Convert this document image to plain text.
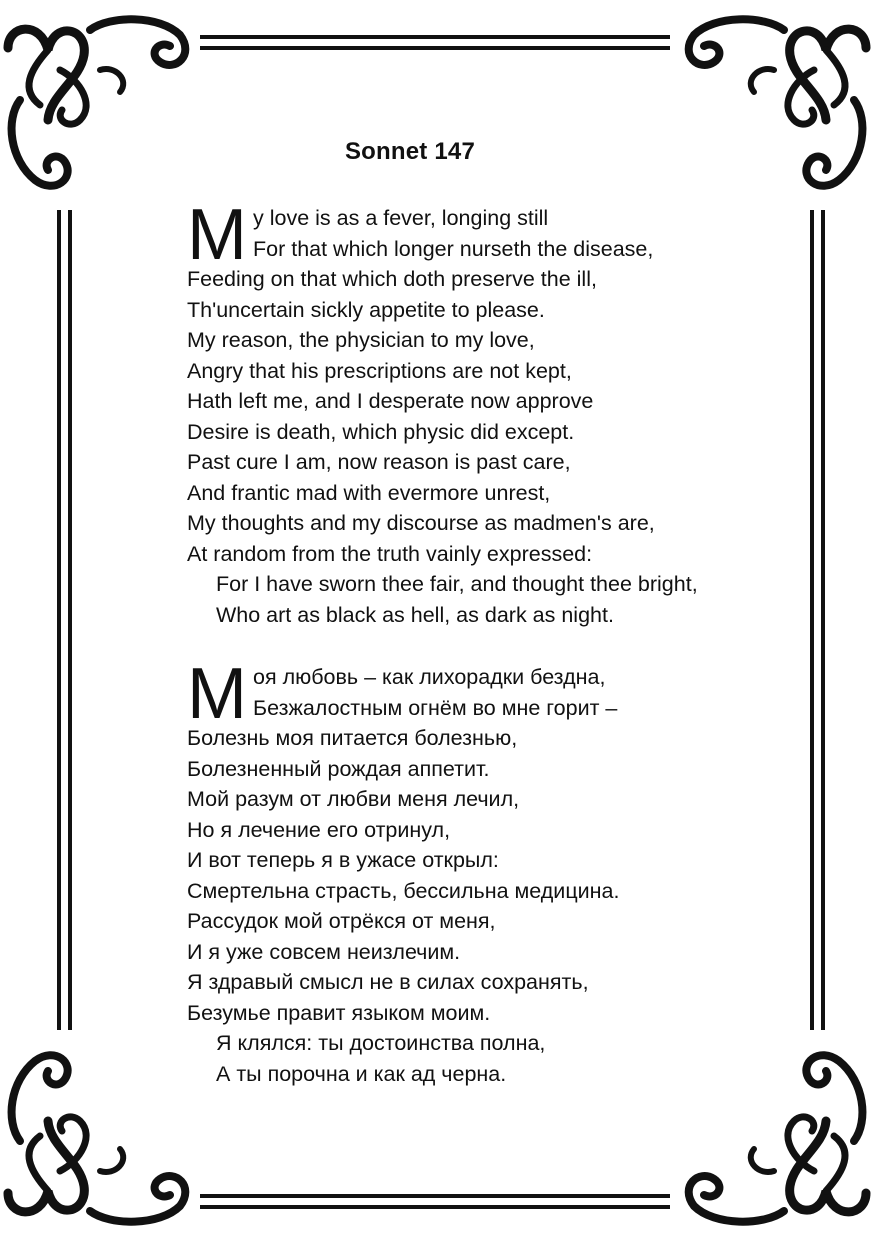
Sonnet 147
M y love is as a fever, longing still
For that which longer nurseth the disease,
Feeding on that which doth preserve the ill,
Th'uncertain sickly appetite to please.
My reason, the physician to my love,
Angry that his prescriptions are not kept,
Hath left me, and I desperate now approve
Desire is death, which physic did except.
Past cure I am, now reason is past care,
And frantic mad with evermore unrest,
My thoughts and my discourse as madmen's are,
At random from the truth vainly expressed:
For I have sworn thee fair, and thought thee bright,
Who art as black as hell, as dark as night.
М оя любовь – как лихорадки бездна,
Безжалостным огнём во мне горит –
Болезнь моя питается болезнью,
Болезненный рождая аппетит.
Мой разум от любви меня лечил,
Но я лечение его отринул,
И вот теперь я в ужасе открыл:
Смертельна страсть, бессильна медицина.
Рассудок мой отрёкся от меня,
И я уже совсем неизлечим.
Я здравый смысл не в силах сохранять,
Безумье правит языком моим.
Я клялся: ты достоинства полна,
А ты порочна и как ад черна.
